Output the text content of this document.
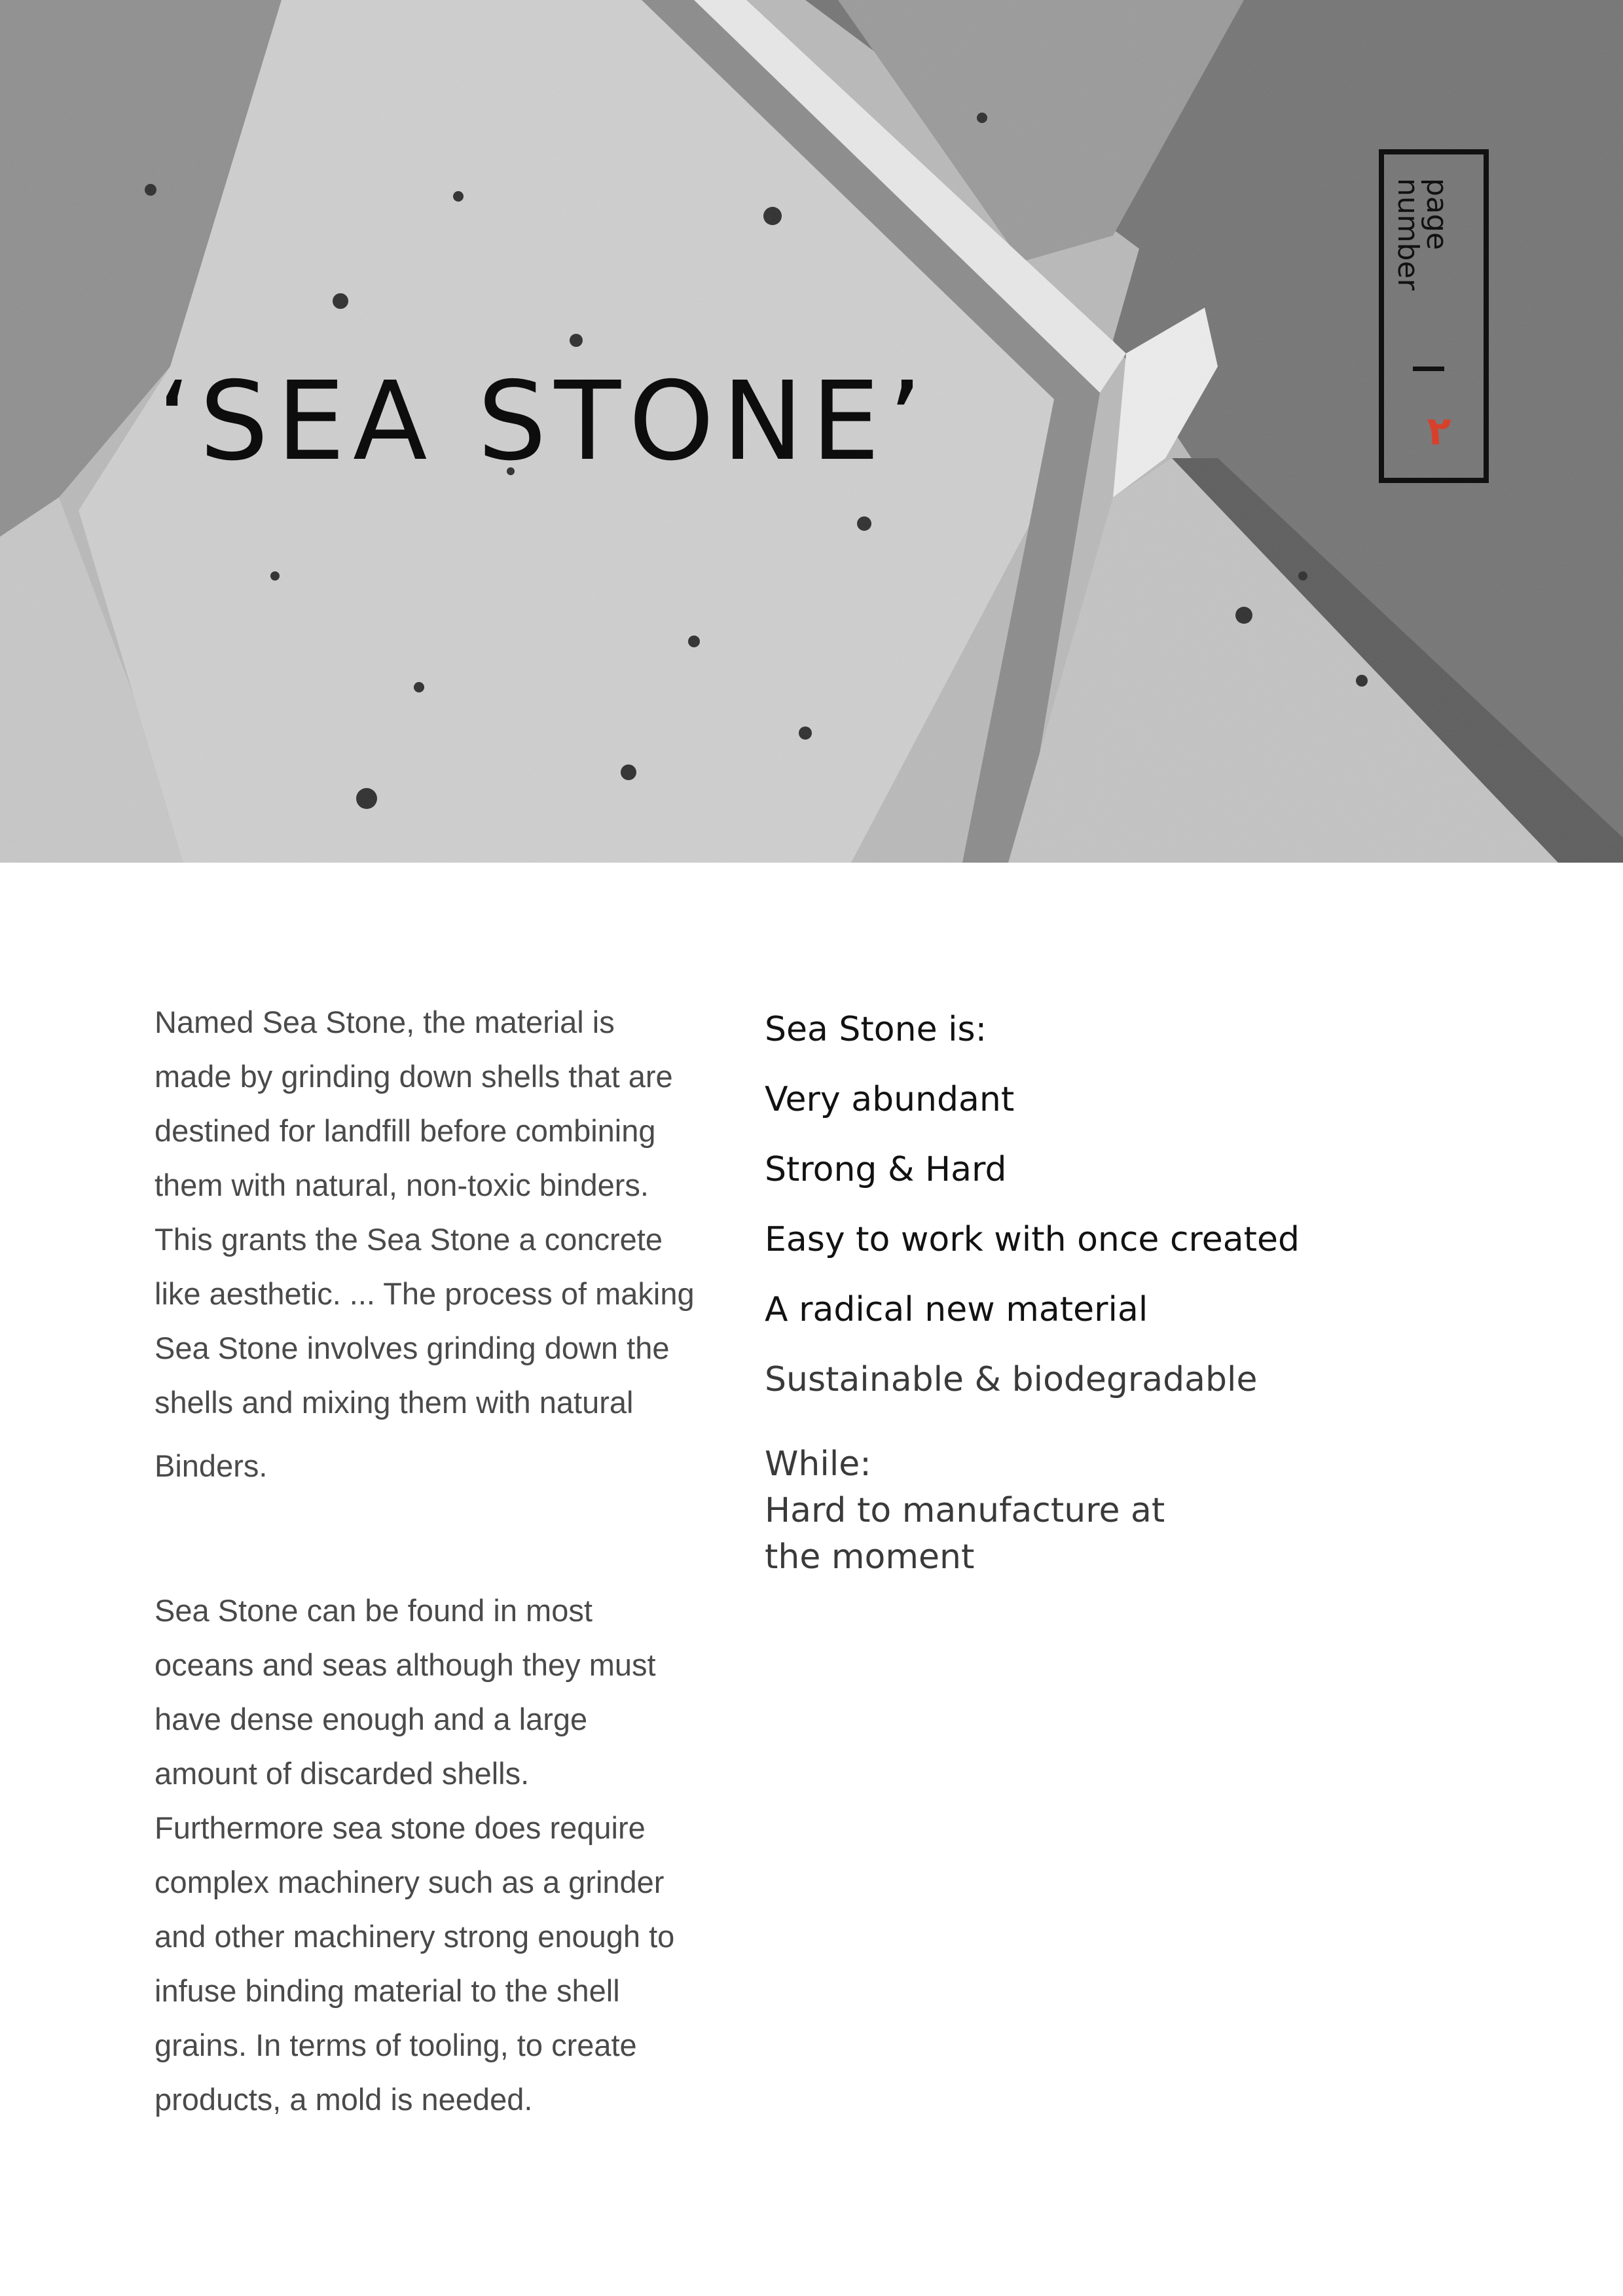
‘SEA STONE’
page
number
٢

Named Sea Stone, the material is made by grinding down shells that are destined for landfill before combining them with natural, non-toxic binders. This grants the Sea Stone a concrete like aesthetic. ... The process of making Sea Stone involves grinding down the shells and mixing them with natural

Binders.

Sea Stone can be found in most oceans and seas although they must have dense enough and a large amount of discarded shells. Furthermore sea stone does require complex machinery such as a grinder and other machinery strong enough to infuse binding material to the shell grains. In terms of tooling, to create products, a mold is needed.

Sea Stone is:

Very abundant

Strong & Hard

Easy to work with once created

A radical new material

Sustainable & biodegradable

While:
Hard to manufacture at the moment
